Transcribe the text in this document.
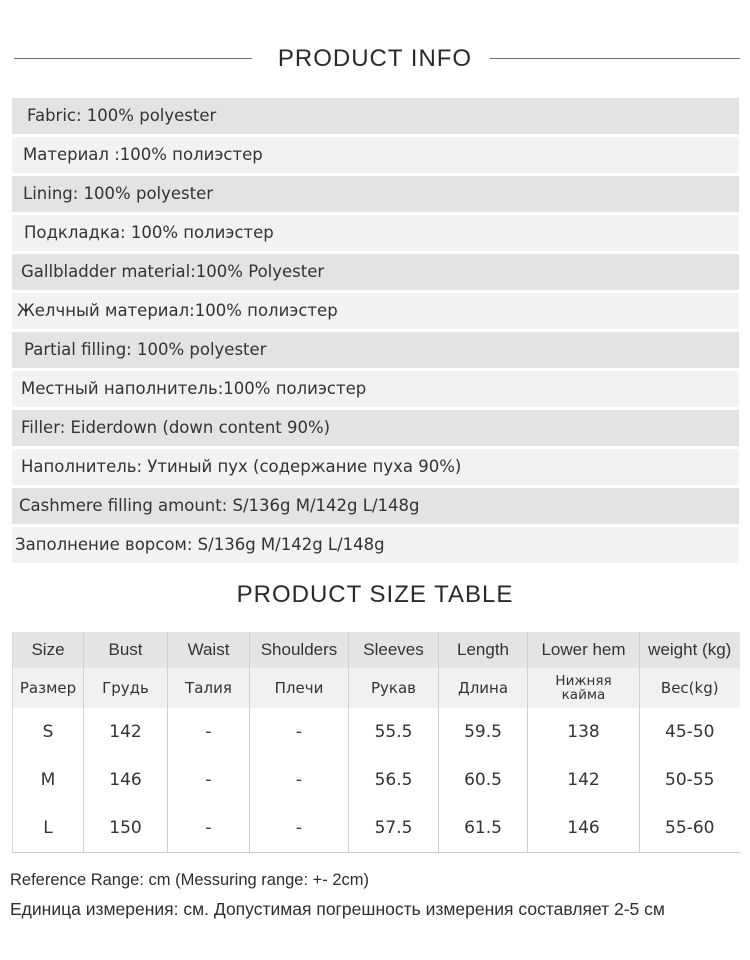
PRODUCT INFO
Fabric: 100% polyester
Материал :100% полиэстер
Lining: 100% polyester
Подкладка: 100% полиэстер
Gallbladder material:100% Polyester
Желчный материал:100% полиэстер
Partial filling: 100% polyester
Местный наполнитель:100% полиэстер
Filler: Eiderdown (down content 90%)
Наполнитель: Утиный пух (содержание пуха 90%)
Cashmere filling amount: S/136g M/142g L/148g
Заполнение ворсом: S/136g M/142g L/148g
PRODUCT SIZE TABLE
Size	Bust	Waist	Shoulders	Sleeves	Length	Lower hem	weight (kg)
Размер	Грудь	Талия	Плечи	Рукав	Длина	Нижняя кайма	Вес(kg)
S	142	-	-	55.5	59.5	138	45-50
M	146	-	-	56.5	60.5	142	50-55
L	150	-	-	57.5	61.5	146	55-60
Reference Range: cm (Messuring range: +- 2cm)
Единица измерения: см. Допустимая погрешность измерения составляет 2-5 см
